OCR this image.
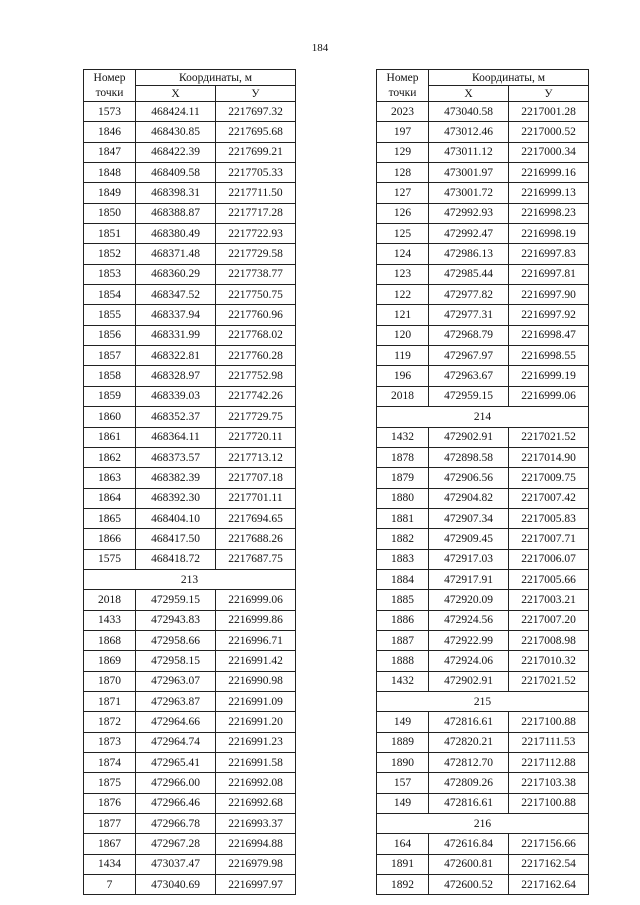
184
Номер точки	Координаты, м	
	X	У
1573	468424.11	2217697.32
1846	468430.85	2217695.68
1847	468422.39	2217699.21
1848	468409.58	2217705.33
1849	468398.31	2217711.50
1850	468388.87	2217717.28
1851	468380.49	2217722.93
1852	468371.48	2217729.58
1853	468360.29	2217738.77
1854	468347.52	2217750.75
1855	468337.94	2217760.96
1856	468331.99	2217768.02
1857	468322.81	2217760.28
1858	468328.97	2217752.98
1859	468339.03	2217742.26
1860	468352.37	2217729.75
1861	468364.11	2217720.11
1862	468373.57	2217713.12
1863	468382.39	2217707.18
1864	468392.30	2217701.11
1865	468404.10	2217694.65
1866	468417.50	2217688.26
1575	468418.72	2217687.75
213		
2018	472959.15	2216999.06
1433	472943.83	2216999.86
1868	472958.66	2216996.71
1869	472958.15	2216991.42
1870	472963.07	2216990.98
1871	472963.87	2216991.09
1872	472964.66	2216991.20
1873	472964.74	2216991.23
1874	472965.41	2216991.58
1875	472966.00	2216992.08
1876	472966.46	2216992.68
1877	472966.78	2216993.37
1867	472967.28	2216994.88
1434	473037.47	2216979.98
7	473040.69	2216997.97
Номер точки	Координаты, м	
	X	У
2023	473040.58	2217001.28
197	473012.46	2217000.52
129	473011.12	2217000.34
128	473001.97	2216999.16
127	473001.72	2216999.13
126	472992.93	2216998.23
125	472992.47	2216998.19
124	472986.13	2216997.83
123	472985.44	2216997.81
122	472977.82	2216997.90
121	472977.31	2216997.92
120	472968.79	2216998.47
119	472967.97	2216998.55
196	472963.67	2216999.19
2018	472959.15	2216999.06
214		
1432	472902.91	2217021.52
1878	472898.58	2217014.90
1879	472906.56	2217009.75
1880	472904.82	2217007.42
1881	472907.34	2217005.83
1882	472909.45	2217007.71
1883	472917.03	2217006.07
1884	472917.91	2217005.66
1885	472920.09	2217003.21
1886	472924.56	2217007.20
1887	472922.99	2217008.98
1888	472924.06	2217010.32
1432	472902.91	2217021.52
215		
149	472816.61	2217100.88
1889	472820.21	2217111.53
1890	472812.70	2217112.88
157	472809.26	2217103.38
149	472816.61	2217100.88
216		
164	472616.84	2217156.66
1891	472600.81	2217162.54
1892	472600.52	2217162.64
